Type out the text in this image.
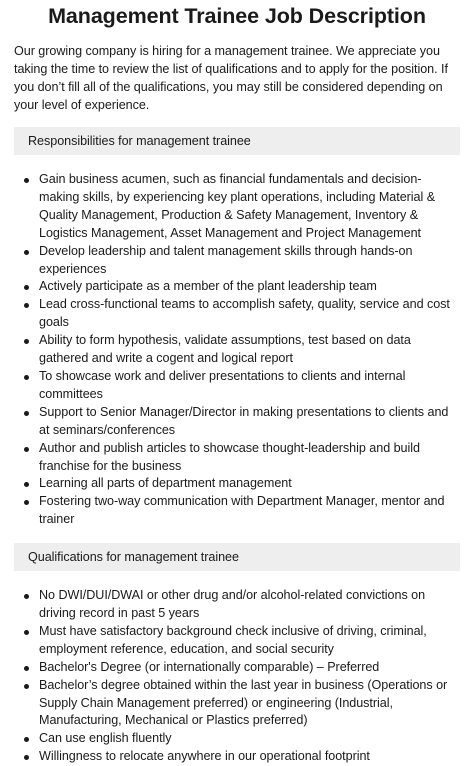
Management Trainee Job Description

Our growing company is hiring for a management trainee. We appreciate you taking the time to review the list of qualifications and to apply for the position. If you don’t fill all of the qualifications, you may still be considered depending on your level of experience.

Responsibilities for management trainee
Gain business acumen, such as financial fundamentals and decision-making skills, by experiencing key plant operations, including Material & Quality Management, Production & Safety Management, Inventory & Logistics Management, Asset Management and Project Management
Develop leadership and talent management skills through hands-on experiences
Actively participate as a member of the plant leadership team
Lead cross-functional teams to accomplish safety, quality, service and cost goals
Ability to form hypothesis, validate assumptions, test based on data gathered and write a cogent and logical report
To showcase work and deliver presentations to clients and internal committees
Support to Senior Manager/Director in making presentations to clients and at seminars/conferences
Author and publish articles to showcase thought-leadership and build franchise for the business
Learning all parts of department management
Fostering two-way communication with Department Manager, mentor and trainer
Qualifications for management trainee
No DWI/DUI/DWAI or other drug and/or alcohol-related convictions on driving record in past 5 years
Must have satisfactory background check inclusive of driving, criminal, employment reference, education, and social security
Bachelor's Degree (or internationally comparable) – Preferred
Bachelor’s degree obtained within the last year in business (Operations or Supply Chain Management preferred) or engineering (Industrial, Manufacturing, Mechanical or Plastics preferred)
Can use english fluently
Willingness to relocate anywhere in our operational footprint
